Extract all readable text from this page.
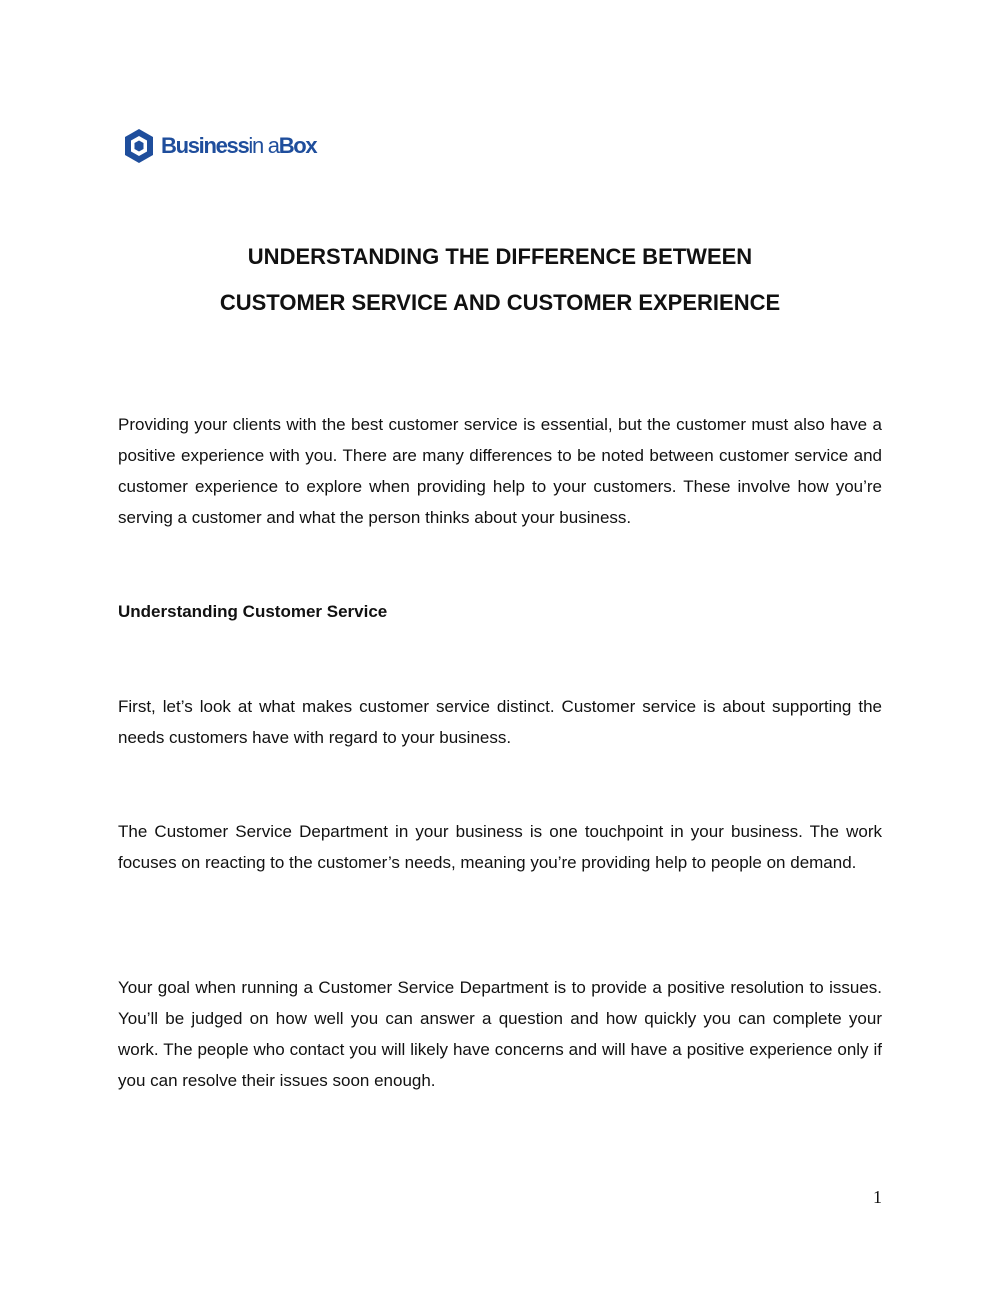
Businessin aBox
UNDERSTANDING THE DIFFERENCE BETWEEN
CUSTOMER SERVICE AND CUSTOMER EXPERIENCE

Providing your clients with the best customer service is essential, but the customer must also have a positive experience with you. There are many differences to be noted between customer service and customer experience to explore when providing help to your customers. These involve how you’re serving a customer and what the person thinks about your business.

Understanding Customer Service

First, let’s look at what makes customer service distinct. Customer service is about supporting the needs customers have with regard to your business.

The Customer Service Department in your business is one touchpoint in your business. The work focuses on reacting to the customer’s needs, meaning you’re providing help to people on demand.

Your goal when running a Customer Service Department is to provide a positive resolution to issues. You’ll be judged on how well you can answer a question and how quickly you can complete your work. The people who contact you will likely have concerns and will have a positive experience only if you can resolve their issues soon enough.

1
